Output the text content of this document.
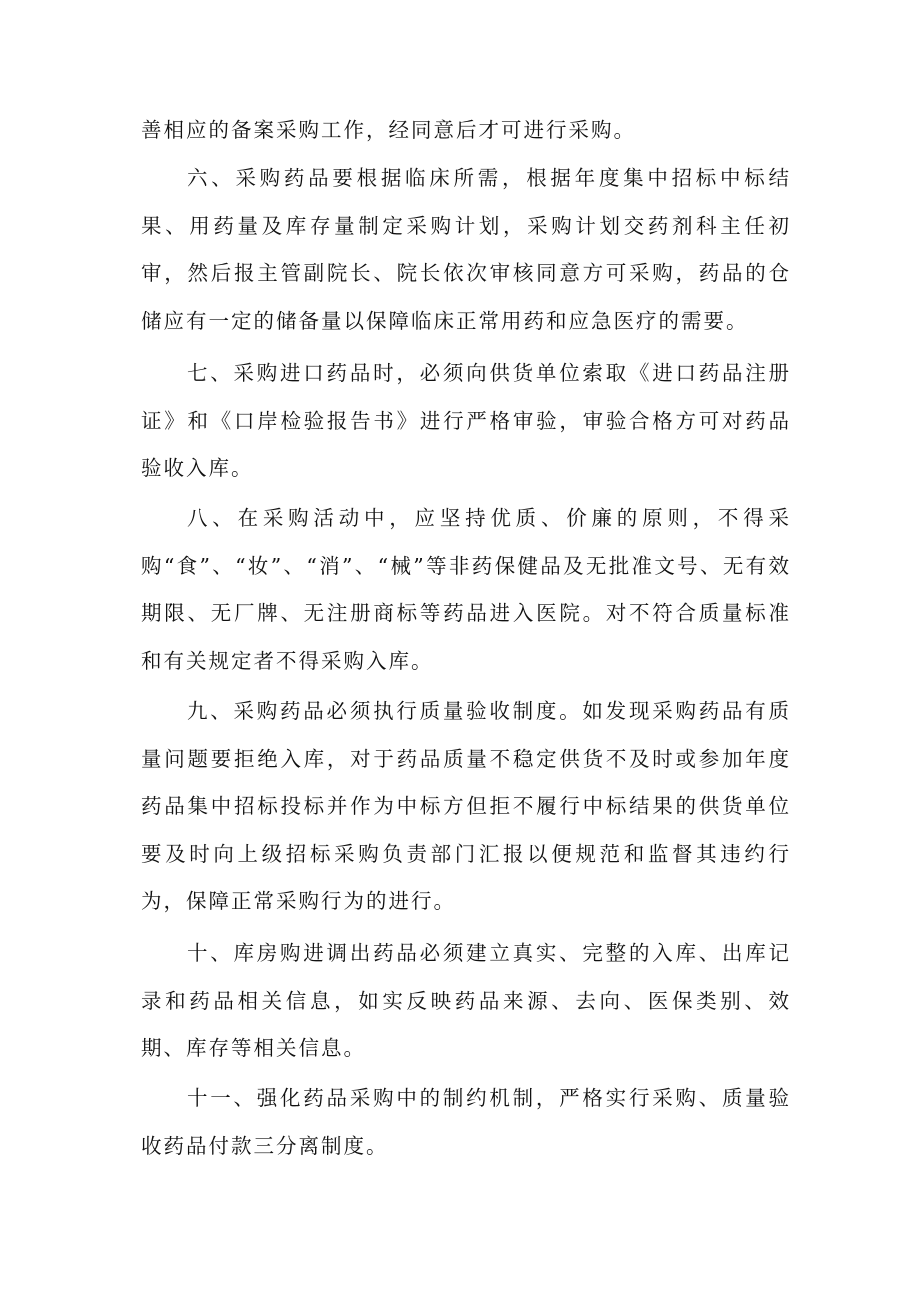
善相应的备案采购工作，经同意后才可进行采购。

六、采购药品要根据临床所需，根据年度集中招标中标结果、用药量及库存量制定采购计划，采购计划交药剂科主任初审，然后报主管副院长、院长依次审核同意方可采购，药品的仓储应有一定的储备量以保障临床正常用药和应急医疗的需要。

七、采购进口药品时，必须向供货单位索取《进口药品注册证》和《口岸检验报告书》进行严格审验，审验合格方可对药品验收入库。

八、在采购活动中，应坚持优质、价廉的原则，不得采购“食”、“妆”、“消”、“械”等非药保健品及无批准文号、无有效期限、无厂牌、无注册商标等药品进入医院。对不符合质量标准和有关规定者不得采购入库。

九、采购药品必须执行质量验收制度。如发现采购药品有质量问题要拒绝入库，对于药品质量不稳定供货不及时或参加年度药品集中招标投标并作为中标方但拒不履行中标结果的供货单位要及时向上级招标采购负责部门汇报以便规范和监督其违约行为，保障正常采购行为的进行。

十、库房购进调出药品必须建立真实、完整的入库、出库记录和药品相关信息，如实反映药品来源、去向、医保类别、效期、库存等相关信息。

十一、强化药品采购中的制约机制，严格实行采购、质量验收药品付款三分离制度。
